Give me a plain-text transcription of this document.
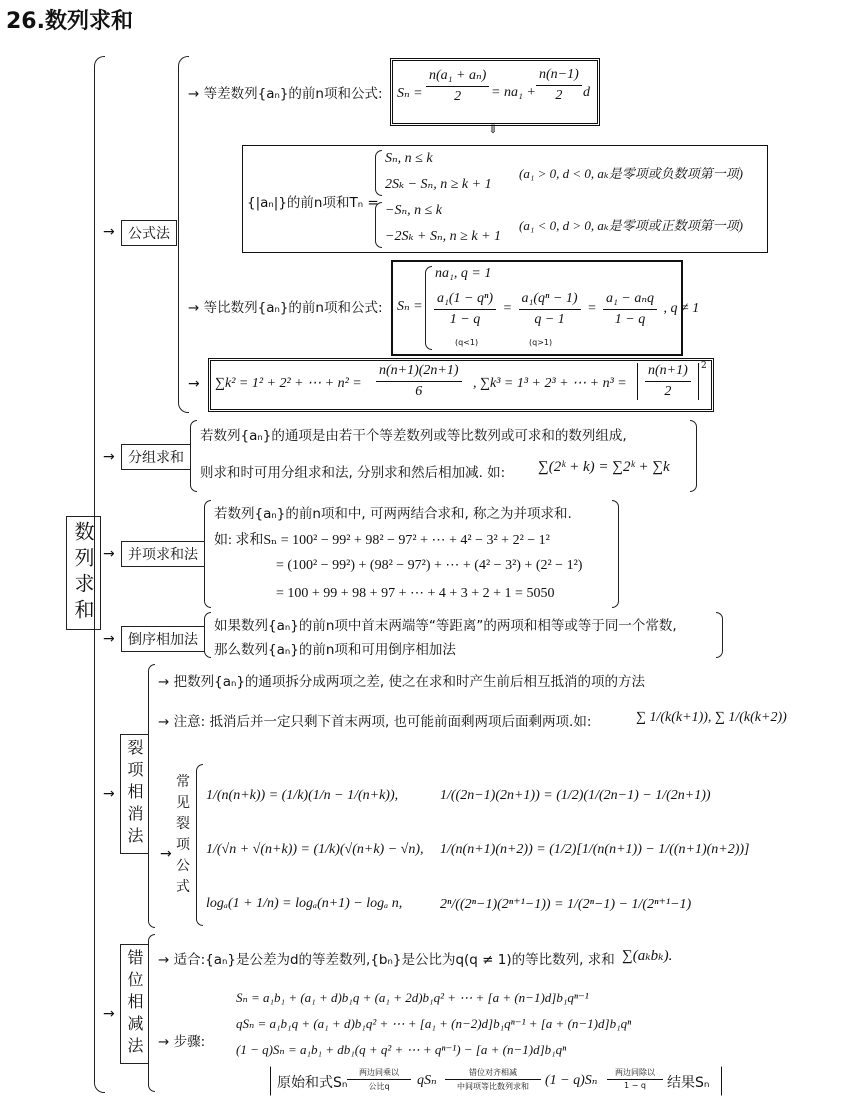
26.数列求和
数列求和
→ 公式法
→ 等差数列{aₙ}的前n项和公式: $S_n = \frac{\text{n(a₁ + aₙ)}}{2} = na_1 + \frac{n(n-1)}{2}$ d
⇓
{|aₙ|}的前n项和Tₙ =
Sₙ, n ≤ k
2Sₖ − Sₙ, n ≥ k + 1
(a₁ > 0, d < 0, aₖ是零项或负数项第一项)
−Sₙ, n ≤ k
−2Sₖ + Sₙ, n ≥ k + 1
(a₁ < 0, d > 0, aₖ是零项或正数项第一项)
→ 等比数列{aₙ}的前n项和公式: Sₙ =
na₁, q = 1
$\frac{\text{a₁(1 − qⁿ)}}{1 - q} = \frac{\text{a₁(qⁿ − 1)}}{q - 1} = \frac{\text{a₁ − aₙq}}{1 - q}$ , q ≠ 1
(q<1)	(q>1)
→ ∑k² = 1² + 2² + ⋯ + $n^2 = \frac{n(n+1)(2n+1)}{6}$ , ∑k³ = 1³ + 2³ + ⋯ + $n^3 = \frac{n(n+1)}{2} 2$
→ 分组求和
若数列{aₙ}的通项是由若干个等差数列或等比数列或可求和的数列组成,
则求和时可用分组求和法, 分别求和然后相加减. 如: ∑(2ᵏ + k) = ∑2ᵏ + ∑k
→ 并项求和法
若数列{aₙ}的前n项和中, 可两两结合求和, 称之为并项求和.
如: 求和Sₙ = 100² − 99² + 98² − 97² + ⋯ + 4² − 3² + 2² − 1²
= (100² − 99²) + (98² − 97²) + ⋯ + (4² − 3²) + (2² − 1²)
= 100 + 99 + 98 + 97 + ⋯ + 4 + 3 + 2 + 1 = 5050
→ 倒序相加法
如果数列{aₙ}的前n项中首末两端等“等距离”的两项和相等或等于同一个常数,
那么数列{aₙ}的前n项和可用倒序相加法
→ 裂项相消法
→ 把数列{aₙ}的通项拆分成两项之差, 使之在求和时产生前后相互抵消的项的方法
→ 注意: 抵消后并一定只剩下首末两项, 也可能前面剩两项后面剩两项.如:	∑ 1/(k(k+1)), ∑ 1/(k(k+2))
→
常见裂项公式
1/(n(n+k)) = (1/k)(1/n − 1/(n+k)),	1/((2n−1)(2n+1)) = (1/2)(1/(2n−1) − 1/(2n+1))
1/(√n + √(n+k)) = (1/k)(√(n+k) − √n), 1/(n(n+1)(n+2)) = (1/2)[1/(n(n+1)) − 1/((n+1)(n+2))]
logₐ(1 + 1/n) = logₐ(n+1) − logₐ n,	2ⁿ/((2ⁿ−1)(2ⁿ⁺¹−1)) = 1/(2ⁿ−1) − 1/(2ⁿ⁺¹−1)
→ 错位相减法	→ 适合:{aₙ}是公差为d的等差数列,{bₙ}是公比为q(q ≠ 1)的等比数列, 求和 ∑(aₖbₖ).
→ 步骤:
Sₙ = a₁b₁ + (a₁ + d)b₁q + (a₁ + 2d)b₁q² + ⋯ + [a + (n−1)d]b₁qⁿ⁻¹
qSₙ = a₁b₁q + (a₁ + d)b₁q² + ⋯ + [a₁ + (n−2)d]b₁qⁿ⁻¹ + [a + (n−1)d]b₁qⁿ
(1 − q)Sₙ = a₁b₁ + db₁(q + q² + ⋯ + qⁿ⁻¹) − [a + (n−1)d]b₁qⁿ
原始和式Sₙ
两边同乘以
公比q	qSₙ
错位对齐相减
中间项等比数列求和	(1 − q)Sₙ
两边同除以
1 − q	结果Sₙ
